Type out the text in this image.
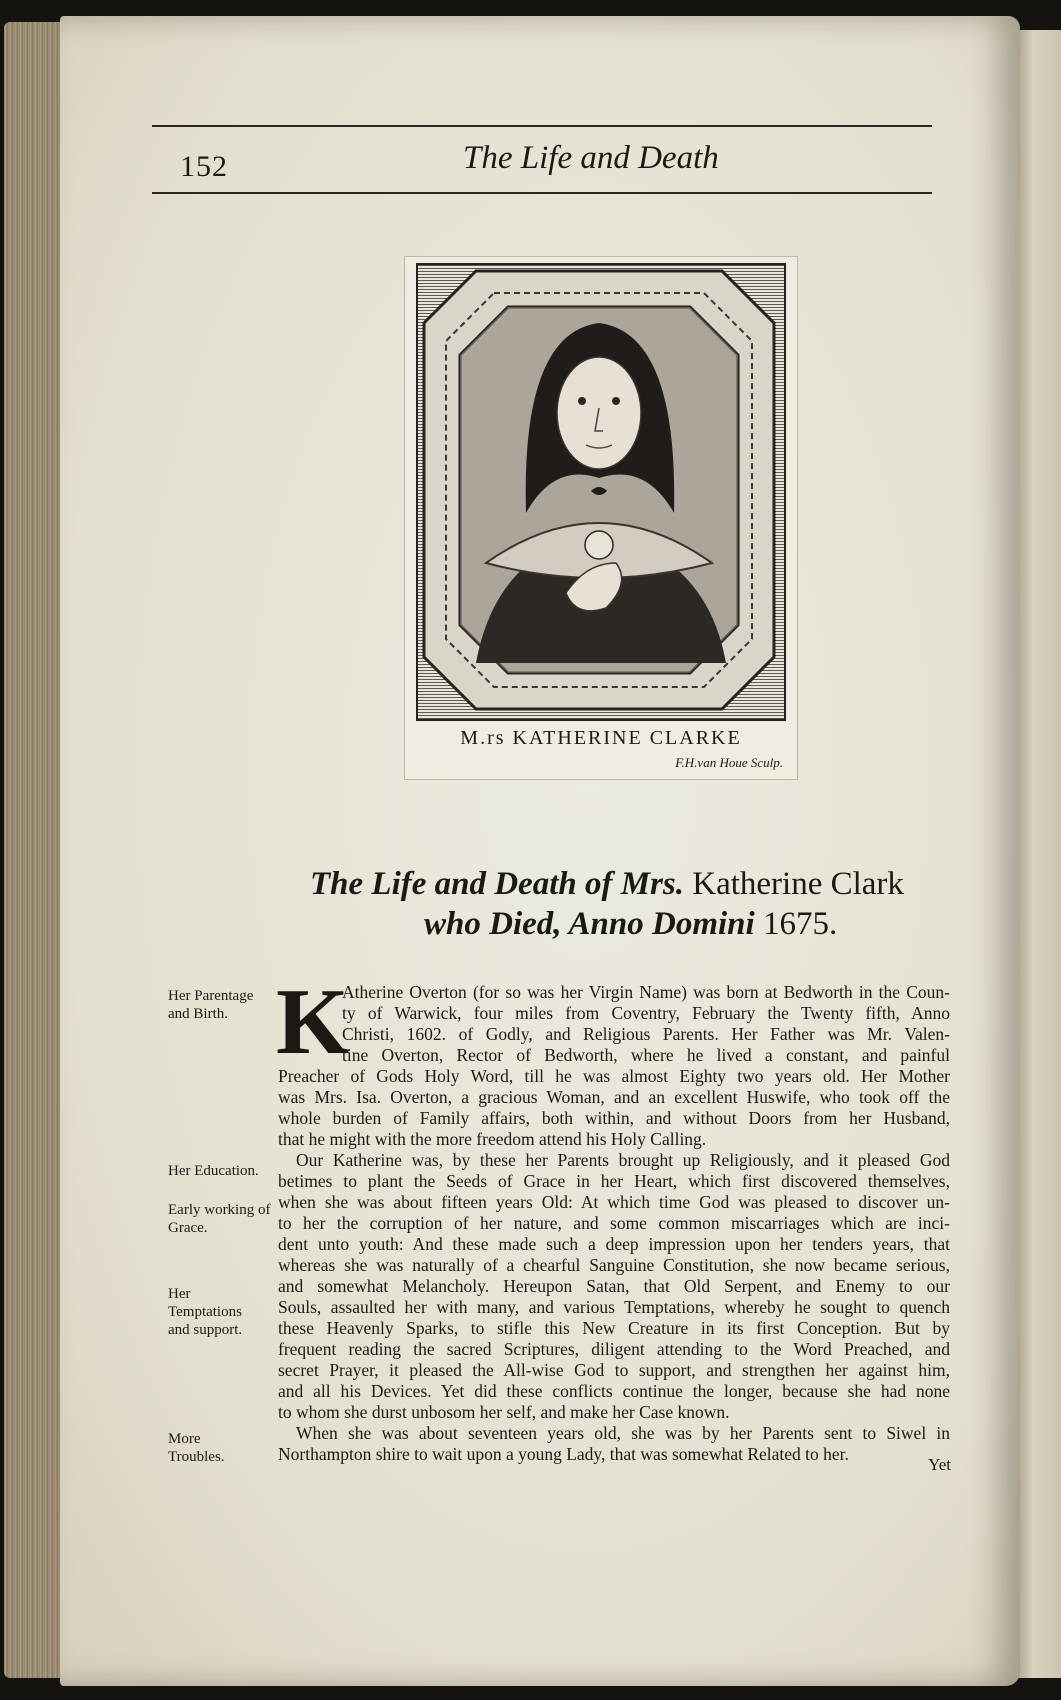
152	The Life and Death
M.rs KATHERINE CLARKE
F.H.van Houe Sculp.
The Life and Death of Mrs. Katherine Clark
who Died, Anno Domini 1675.
Her Parentage and Birth.
Her Education.
Early working of Grace.
Her Temptations and support.
More Troubles.
K
Atherine Overton (for so was her Virgin Name) was born at Bedworth in the Coun-
ty of Warwick, four miles from Coventry, February the Twenty fifth, Anno
Christi, 1602. of Godly, and Religious Parents. Her Father was Mr. Valen-
tine Overton, Rector of Bedworth, where he lived a constant, and painful
Preacher of Gods Holy Word, till he was almost Eighty two years old. Her Mother
was Mrs. Isa. Overton, a gracious Woman, and an excellent Huswife, who took off the
whole burden of Family affairs, both within, and without Doors from her Husband,
that he might with the more freedom attend his Holy Calling.
Our Katherine was, by these her Parents brought up Religiously, and it pleased God
betimes to plant the Seeds of Grace in her Heart, which first discovered themselves,
when she was about fifteen years Old: At which time God was pleased to discover un-
to her the corruption of her nature, and some common miscarriages which are inci-
dent unto youth: And these made such a deep impression upon her tenders years, that
whereas she was naturally of a chearful Sanguine Constitution, she now became serious,
and somewhat Melancholy. Hereupon Satan, that Old Serpent, and Enemy to our
Souls, assaulted her with many, and various Temptations, whereby he sought to quench
these Heavenly Sparks, to stifle this New Creature in its first Conception. But by
frequent reading the sacred Scriptures, diligent attending to the Word Preached, and
secret Prayer, it pleased the All-wise God to support, and strengthen her against him,
and all his Devices. Yet did these conflicts continue the longer, because she had none
to whom she durst unbosom her self, and make her Case known.
When she was about seventeen years old, she was by her Parents sent to Siwel in
Northampton shire to wait upon a young Lady, that was somewhat Related to her.
Yet
